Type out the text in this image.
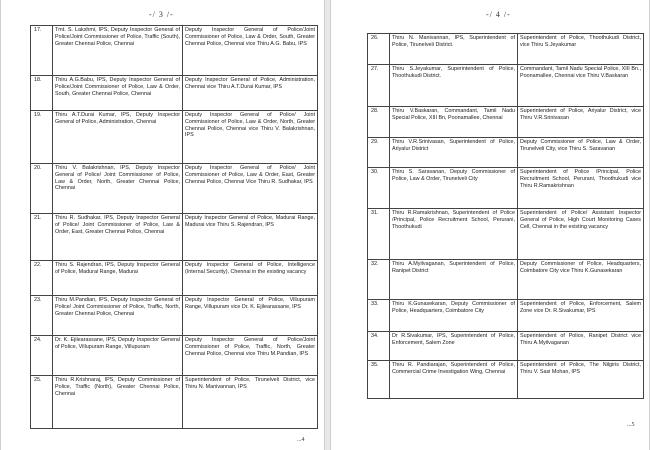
-/ 3 /-
17.	Tmt. S. Lakshmi, IPS, Deputy Inspector General of Police/Joint Commissioner of Police, Traffic (South), Greater Chennai Police, Chennai	Deputy Inspector General of Police/Joint Commissioner of Police, Law & Order, South, Greater Chennai Police, Chennai vice Thiru A.G. Babu, IPS
18.	Thiru A.G.Babu, IPS, Deputy Inspector General of Police/Joint Commissioner of Police, Law & Order, South, Greater Chennai Police, Chennai	Deputy Inspector General of Police, Administration, Chennai vice Thiru A.T.Durai Kumar, IPS
19.	Thiru A.T.Durai Kumar, IPS, Deputy Inspector General of Police, Administration, Chennai	Deputy Inspector General of Police/ Joint Commissioner of Police, Law & Order, North, Greater Chennai Police, Chennai vice Thiru V. Balakrishnan, IPS
20.	Thiru V. Balakrishnan, IPS, Deputy Inspector General of Police/ Joint Commissioner of Police, Law & Order, North, Greater Chennai Police, Chennai	Deputy Inspector General of Police/ Joint Commissioner of Police, Law & Order, East, Greater Chennai Police, Chennai Vice Thiru R. Sudhakar, IPS
21.	Thiru R. Sudhakar, IPS, Deputy Inspector General of Police/ Joint Commissioner of Police, Law & Order, East, Greater Chennai Police, Chennai	Deputy Inspector General of Police, Madurai Range, Madurai vice Thiru S. Rajendran, IPS
22.	Thiru S. Rajendran, IPS, Deputy Inspector General of Police, Madurai Range, Madurai	Deputy Inspector General of Police, Intelligence (Internal Security), Chennai in the existing vacancy
23.	Thiru M.Pandian, IPS, Deputy Inspector General of Police/ Joint Commissioner of Police, Traffic, North, Greater Chennai Police, Chennai	Deputy Inspector General of Police, Villupuram Range, Villupuram vice Dr. K. Ejilearassane, IPS
24.	Dr. K. Ejilearassane, IPS, Deputy Inspector General of Police, Villupuram Range, Villupuram	Deputy Inspector General of Police/Joint Commissioner of Police, Traffic, North, Greater Chennai Police, Chennai vice Thiru M.Pandian, IPS
25.	Thiru R.Krishnaraj, IPS, Deputy Commissioner of Police, Traffic (North), Greater Chennai Police, Chennai	Superintendent of Police, Tirunelveli District, vice Thiru N. Manivannan, IPS
...4
-/ 4 /-
26.	Thiru N. Manivannan, IPS, Superintendent of Police, Tirunelveli District.	Superintendent of Police, Thoothukudi District, vice Thiru S.Jeyakumar
27.	Thiru S.Jeyakumar, Superintendent of Police, Thoothukudi District.	Commandant, Tamil Nadu Special Police, XIII Bn., Poonamallee, Chennai vice Thiru V.Baskaran
28.	Thiru V.Baskaran, Commandant, Tamil Nadu Special Police, XIII Bn, Poonamallee, Chennai	Superintendent of Police, Ariyalur District, vice Thiru V.R.Srinivasan
29.	Thiru V.R.Srinivasan, Superintendent of Police, Ariyalur District	Deputy Commissioner of Police, Law & Order, Tirunelveli City, vice Thiru S. Saravanan
30.	Thiru S. Saravanan, Deputy Commissioner of Police, Law & Order, Tirunelveli City	Superintendent of Police /Principal, Police Recruitment School, Perurani, Thoothukudi vice Thiru R.Ramakrishnan
31.	Thiru R.Ramakrishnan, Superintendent of Police /Principal, Police Recruitment School, Perurani, Thoothukudi	Superintendent of Police/ Assistant Inspector General of Police, High Court Monitoring Cases Cell, Chennai in the existing vacancy
32.	Thiru A.Myilvaganan, Superintendent of Police, Ranipet District	Deputy Commissioner of Police, Headquarters, Coimbatore City vice Thiru K.Gunasekaran
33.	Thiru K.Gunasekaran, Deputy Commissioner of Police, Headquarters, Coimbatore City	Superintendent of Police, Enforcement, Salem Zone vice Dr. R.Sivakumar, IPS
34.	Dr R.Sivakumar, IPS, Superintendent of Police, Enforcement, Salem Zone	Superintendent of Police, Ranipet District vice Thiru A.Myilvaganan
35.	Thiru R. Pandiarajan, Superintendent of Police, Commercial Crime Investigation Wing, Chennai	Superintendent of Police, The Nilgiris District, Thiru V. Sasi Mohan, IPS
...5
